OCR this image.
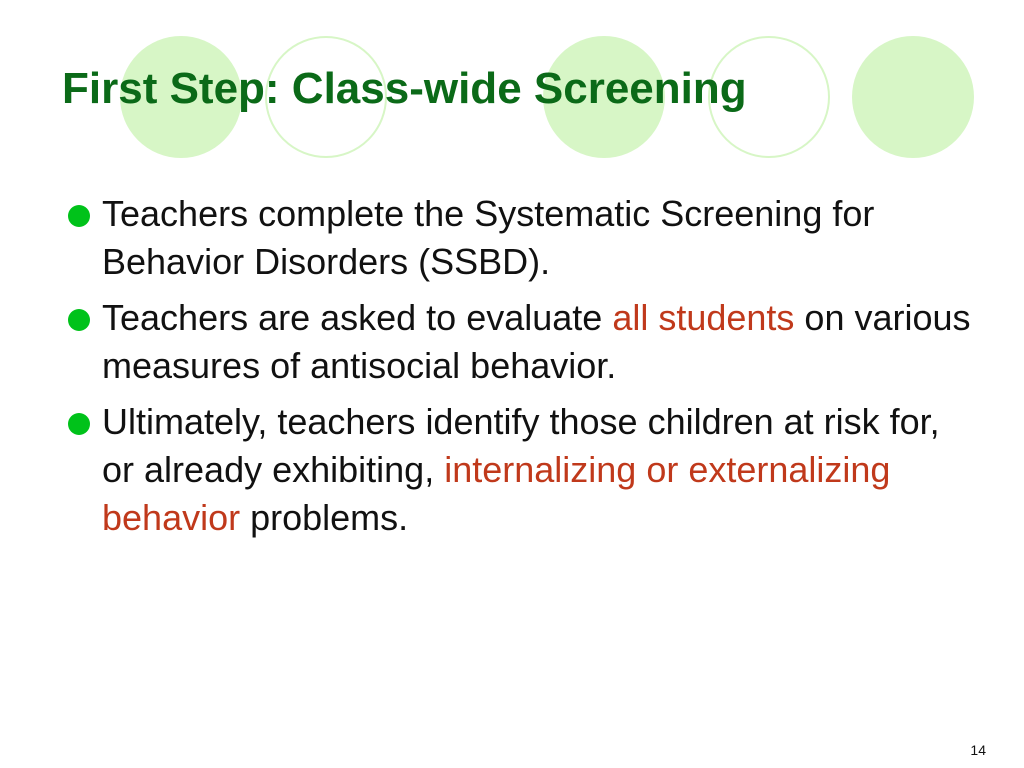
First Step: Class-wide Screening
Teachers complete the Systematic Screening for Behavior Disorders (SSBD).
Teachers are asked to evaluate all students on various measures of antisocial behavior.
Ultimately, teachers identify those children at risk for, or already exhibiting, internalizing or externalizing behavior problems.
14
